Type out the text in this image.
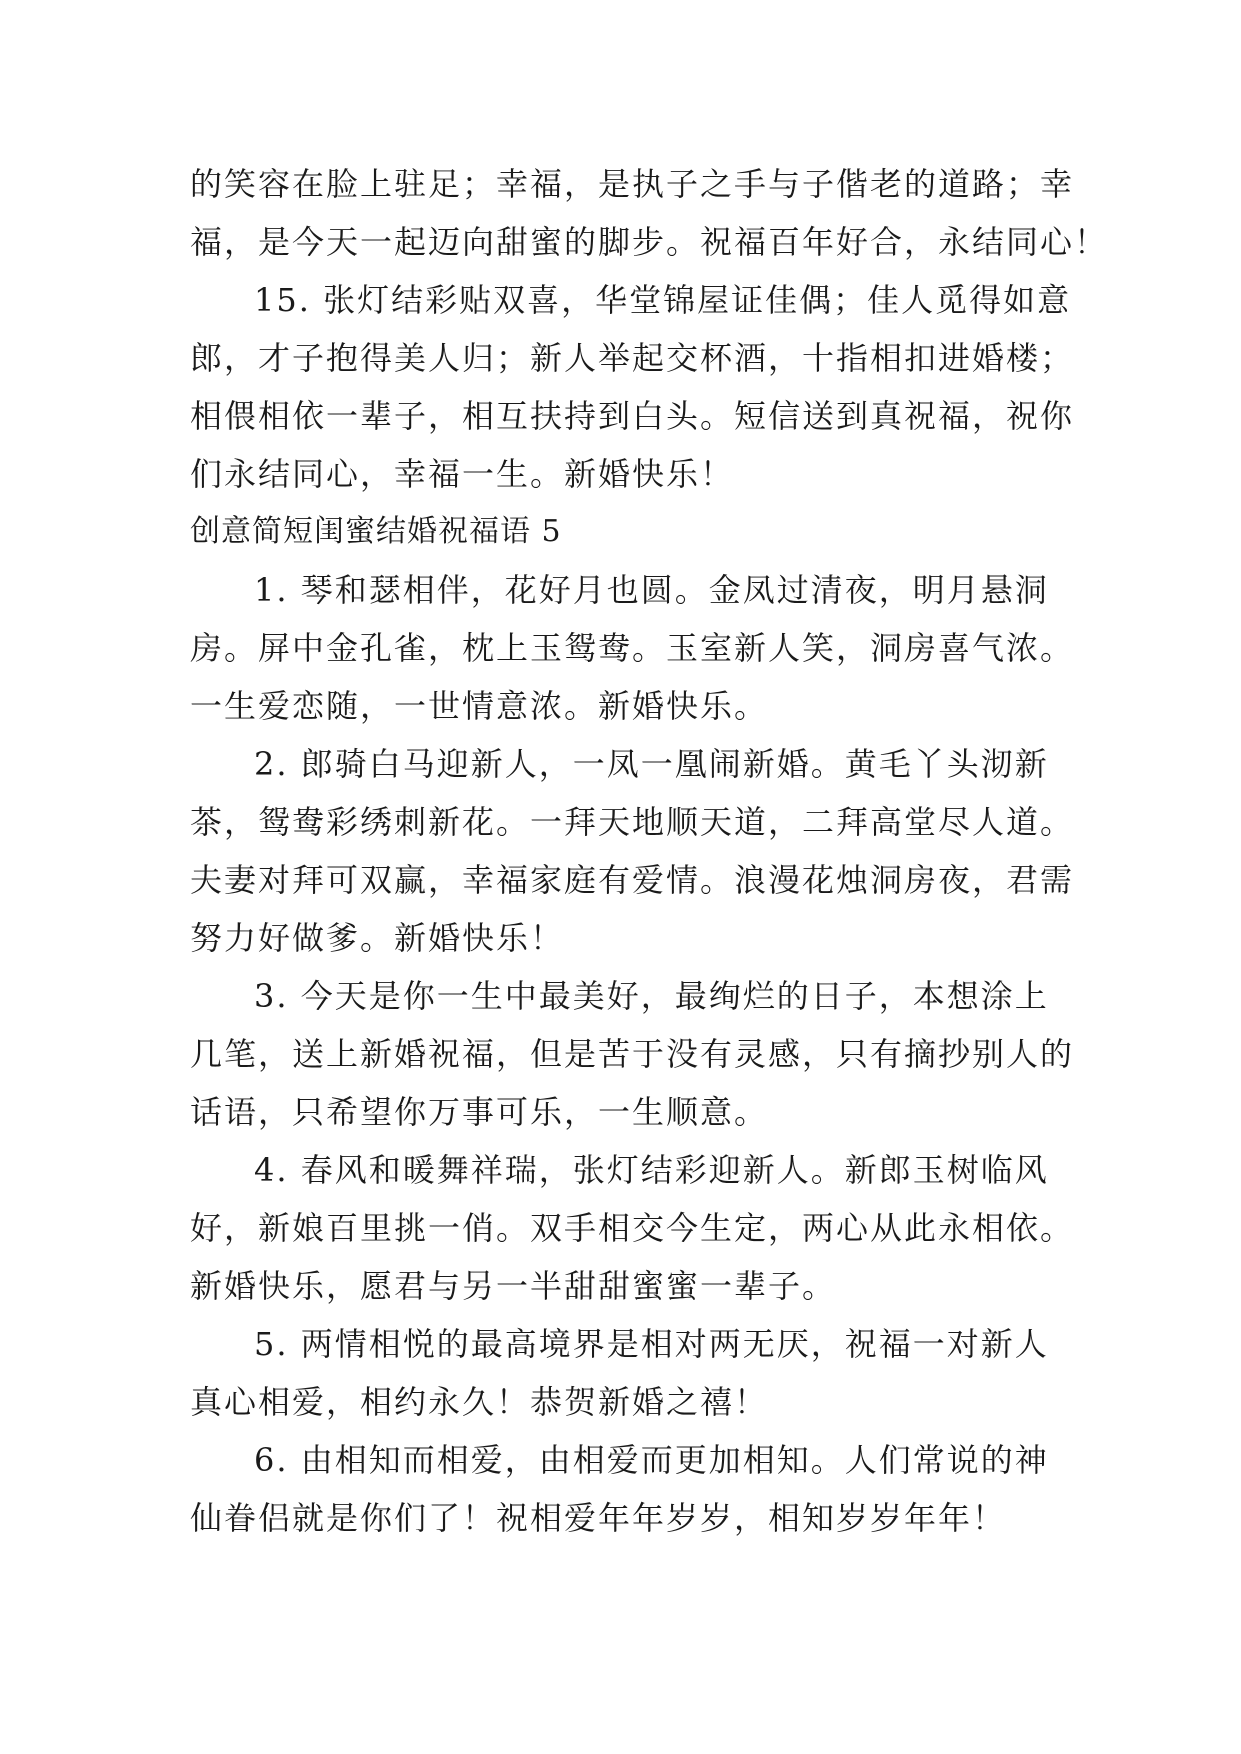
的笑容在脸上驻足；幸福，是执子之手与子偕老的道路；幸
福，是今天一起迈向甜蜜的脚步。祝福百年好合，永结同心！
15. 张灯结彩贴双喜，华堂锦屋证佳偶；佳人觅得如意
郎，才子抱得美人归；新人举起交杯酒，十指相扣进婚楼；
相偎相依一辈子，相互扶持到白头。短信送到真祝福，祝你
们永结同心，幸福一生。新婚快乐！
创意简短闺蜜结婚祝福语 5
1. 琴和瑟相伴，花好月也圆。金凤过清夜，明月悬洞
房。屏中金孔雀，枕上玉鸳鸯。玉室新人笑，洞房喜气浓。
一生爱恋随，一世情意浓。新婚快乐。
2. 郎骑白马迎新人，一凤一凰闹新婚。黄毛丫头沏新
茶，鸳鸯彩绣刺新花。一拜天地顺天道，二拜高堂尽人道。
夫妻对拜可双赢，幸福家庭有爱情。浪漫花烛洞房夜，君需
努力好做爹。新婚快乐！
3. 今天是你一生中最美好，最绚烂的日子，本想涂上
几笔，送上新婚祝福，但是苦于没有灵感，只有摘抄别人的
话语，只希望你万事可乐，一生顺意。
4. 春风和暖舞祥瑞，张灯结彩迎新人。新郎玉树临风
好，新娘百里挑一俏。双手相交今生定，两心从此永相依。
新婚快乐，愿君与另一半甜甜蜜蜜一辈子。
5. 两情相悦的最高境界是相对两无厌，祝福一对新人
真心相爱，相约永久！恭贺新婚之禧！
6. 由相知而相爱，由相爱而更加相知。人们常说的神
仙眷侣就是你们了！祝相爱年年岁岁，相知岁岁年年！
